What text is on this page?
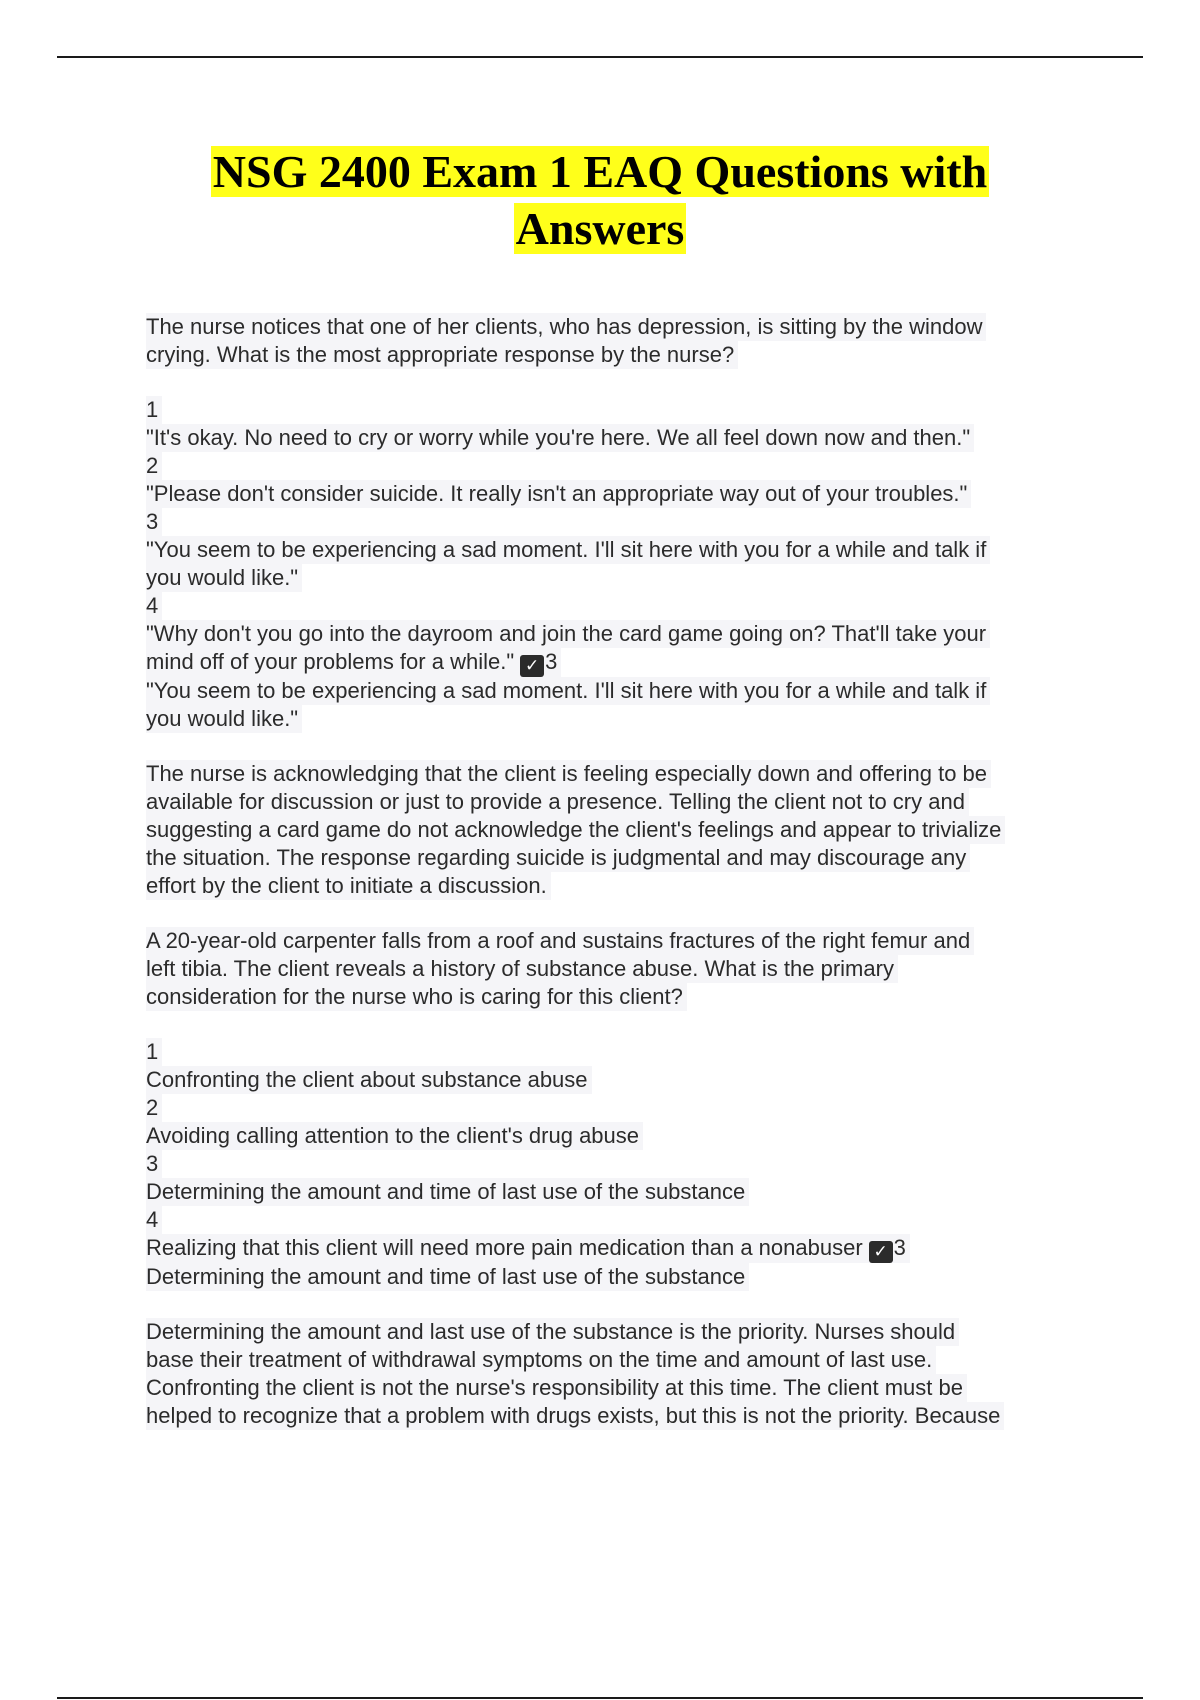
NSG 2400 Exam 1 EAQ Questions with
Answers
The nurse notices that one of her clients, who has depression, is sitting by the window
crying. What is the most appropriate response by the nurse?
1
"It's okay. No need to cry or worry while you're here. We all feel down now and then."
2
"Please don't consider suicide. It really isn't an appropriate way out of your troubles."
3
"You seem to be experiencing a sad moment. I'll sit here with you for a while and talk if
you would like."
4
"Why don't you go into the dayroom and join the card game going on? That'll take your
mind off of your problems for a while." ✓ 3
"You seem to be experiencing a sad moment. I'll sit here with you for a while and talk if
you would like."
The nurse is acknowledging that the client is feeling especially down and offering to be
available for discussion or just to provide a presence. Telling the client not to cry and
suggesting a card game do not acknowledge the client's feelings and appear to trivialize
the situation. The response regarding suicide is judgmental and may discourage any
effort by the client to initiate a discussion.
A 20-year-old carpenter falls from a roof and sustains fractures of the right femur and
left tibia. The client reveals a history of substance abuse. What is the primary
consideration for the nurse who is caring for this client?
1
Confronting the client about substance abuse
2
Avoiding calling attention to the client's drug abuse
3
Determining the amount and time of last use of the substance
4
Realizing that this client will need more pain medication than a nonabuser ✓ 3
Determining the amount and time of last use of the substance
Determining the amount and last use of the substance is the priority. Nurses should
base their treatment of withdrawal symptoms on the time and amount of last use.
Confronting the client is not the nurse's responsibility at this time. The client must be
helped to recognize that a problem with drugs exists, but this is not the priority. Because
